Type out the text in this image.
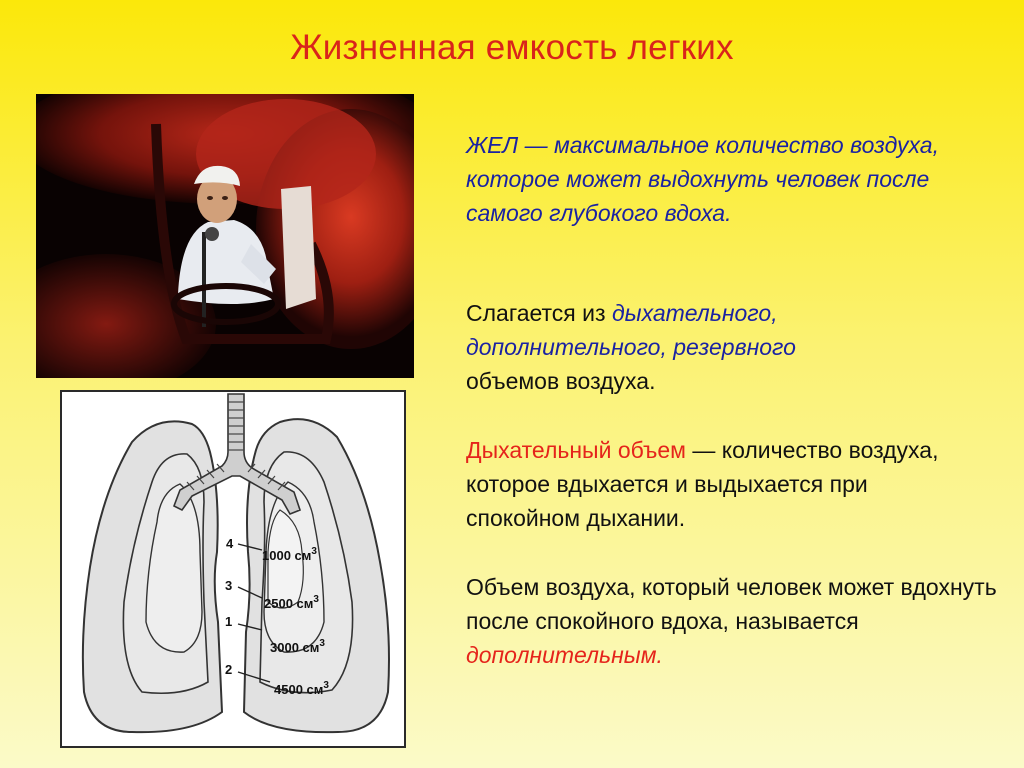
Жизненная емкость легких
4
1000 $см^3$
3
2500 $см^3$
1
3000 $см^3$
2
4500 $см^3$
ЖЕЛ — максимальное количество воздуха, которое может выдохнуть человек после самого глубокого вдоха.
Слагается из дыхательного,
дополнительного, резервного
объемов воздуха.
Дыхательный объем — количество воздуха, которое вдыхается и выдыхается при спокойном дыхании.
Объем воздуха, который человек может вдохнуть после спокойного вдоха, называется дополнительным.
